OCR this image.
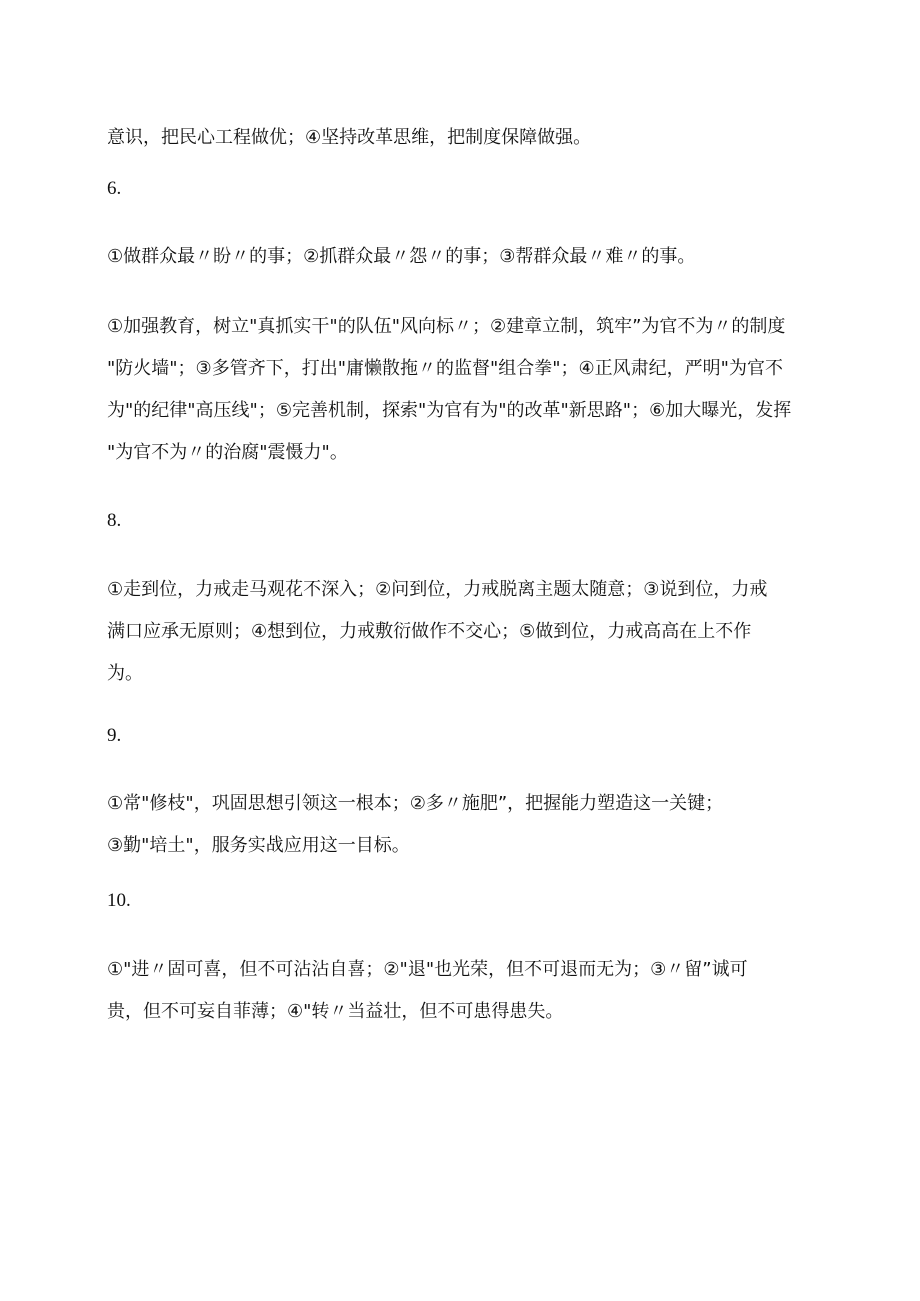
意识，把民心工程做优；④坚持改革思维，把制度保障做强。

6.

①做群众最〃盼〃的事；②抓群众最〃怨〃的事；③帮群众最〃难〃的事。

①加强教育，树立"真抓实干"的队伍"风向标〃；②建章立制，筑牢”为官不为〃的制度
"防火墙"；③多管齐下，打出"庸懒散拖〃的监督"组合拳"；④正风肃纪，严明"为官不
为"的纪律"高压线"；⑤完善机制，探索"为官有为"的改革"新思路"；⑥加大曝光，发挥
"为官不为〃的治腐"震慑力"。

8.

①走到位，力戒走马观花不深入；②问到位，力戒脱离主题太随意；③说到位，力戒
满口应承无原则；④想到位，力戒敷衍做作不交心；⑤做到位，力戒高高在上不作
为。

9.

①常"修枝"，巩固思想引领这一根本；②多〃施肥”，把握能力塑造这一关键；
③勤"培土"，服务实战应用这一目标。

10.

①"进〃固可喜，但不可沾沾自喜；②"退"也光荣，但不可退而无为；③〃留”诚可
贵，但不可妄自菲薄；④"转〃当益壮，但不可患得患失。
